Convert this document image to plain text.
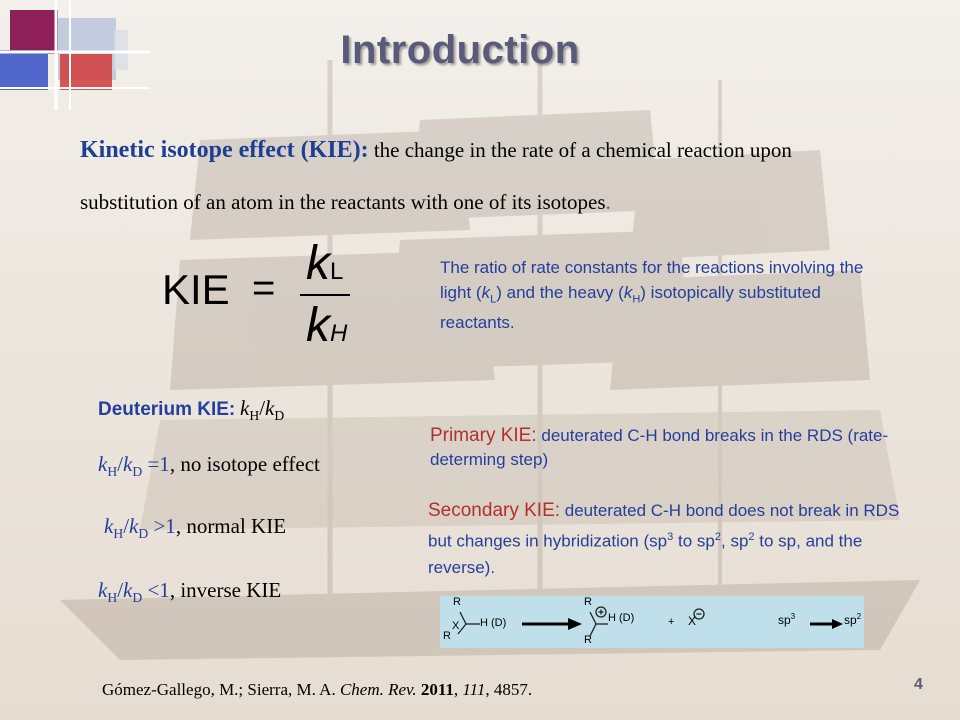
Introduction
Kinetic isotope effect (KIE): the change in the rate of a chemical reaction upon substitution of an atom in the reactants with one of its isotopes.
KIE = kL
kH
The ratio of rate constants for the reactions involving the light $(k_L)$ and the heavy $(k_H)$ isotopically substituted reactants.
Deuterium KIE: $k_H/k_D$
$k_H/k_D =1$, no isotope effect
$k_H/k_D >1$, normal KIE
$k_H/k_D <1$, inverse KIE
Primary KIE: deuterated C-H bond breaks in the RDS (rate-determing step)
Secondary KIE: deuterated C-H bond does not break in RDS but changes in hybridization ($sp^3$ to $sp^2$, $sp^2$ to sp, and the reverse).
R
R
X H (D)
R
R
H (D)	+ X	$sp^3$	$sp^2$
Gómez-Gallego, M.; Sierra, M. A. Chem. Rev. 2011, 111, 4857.	4
